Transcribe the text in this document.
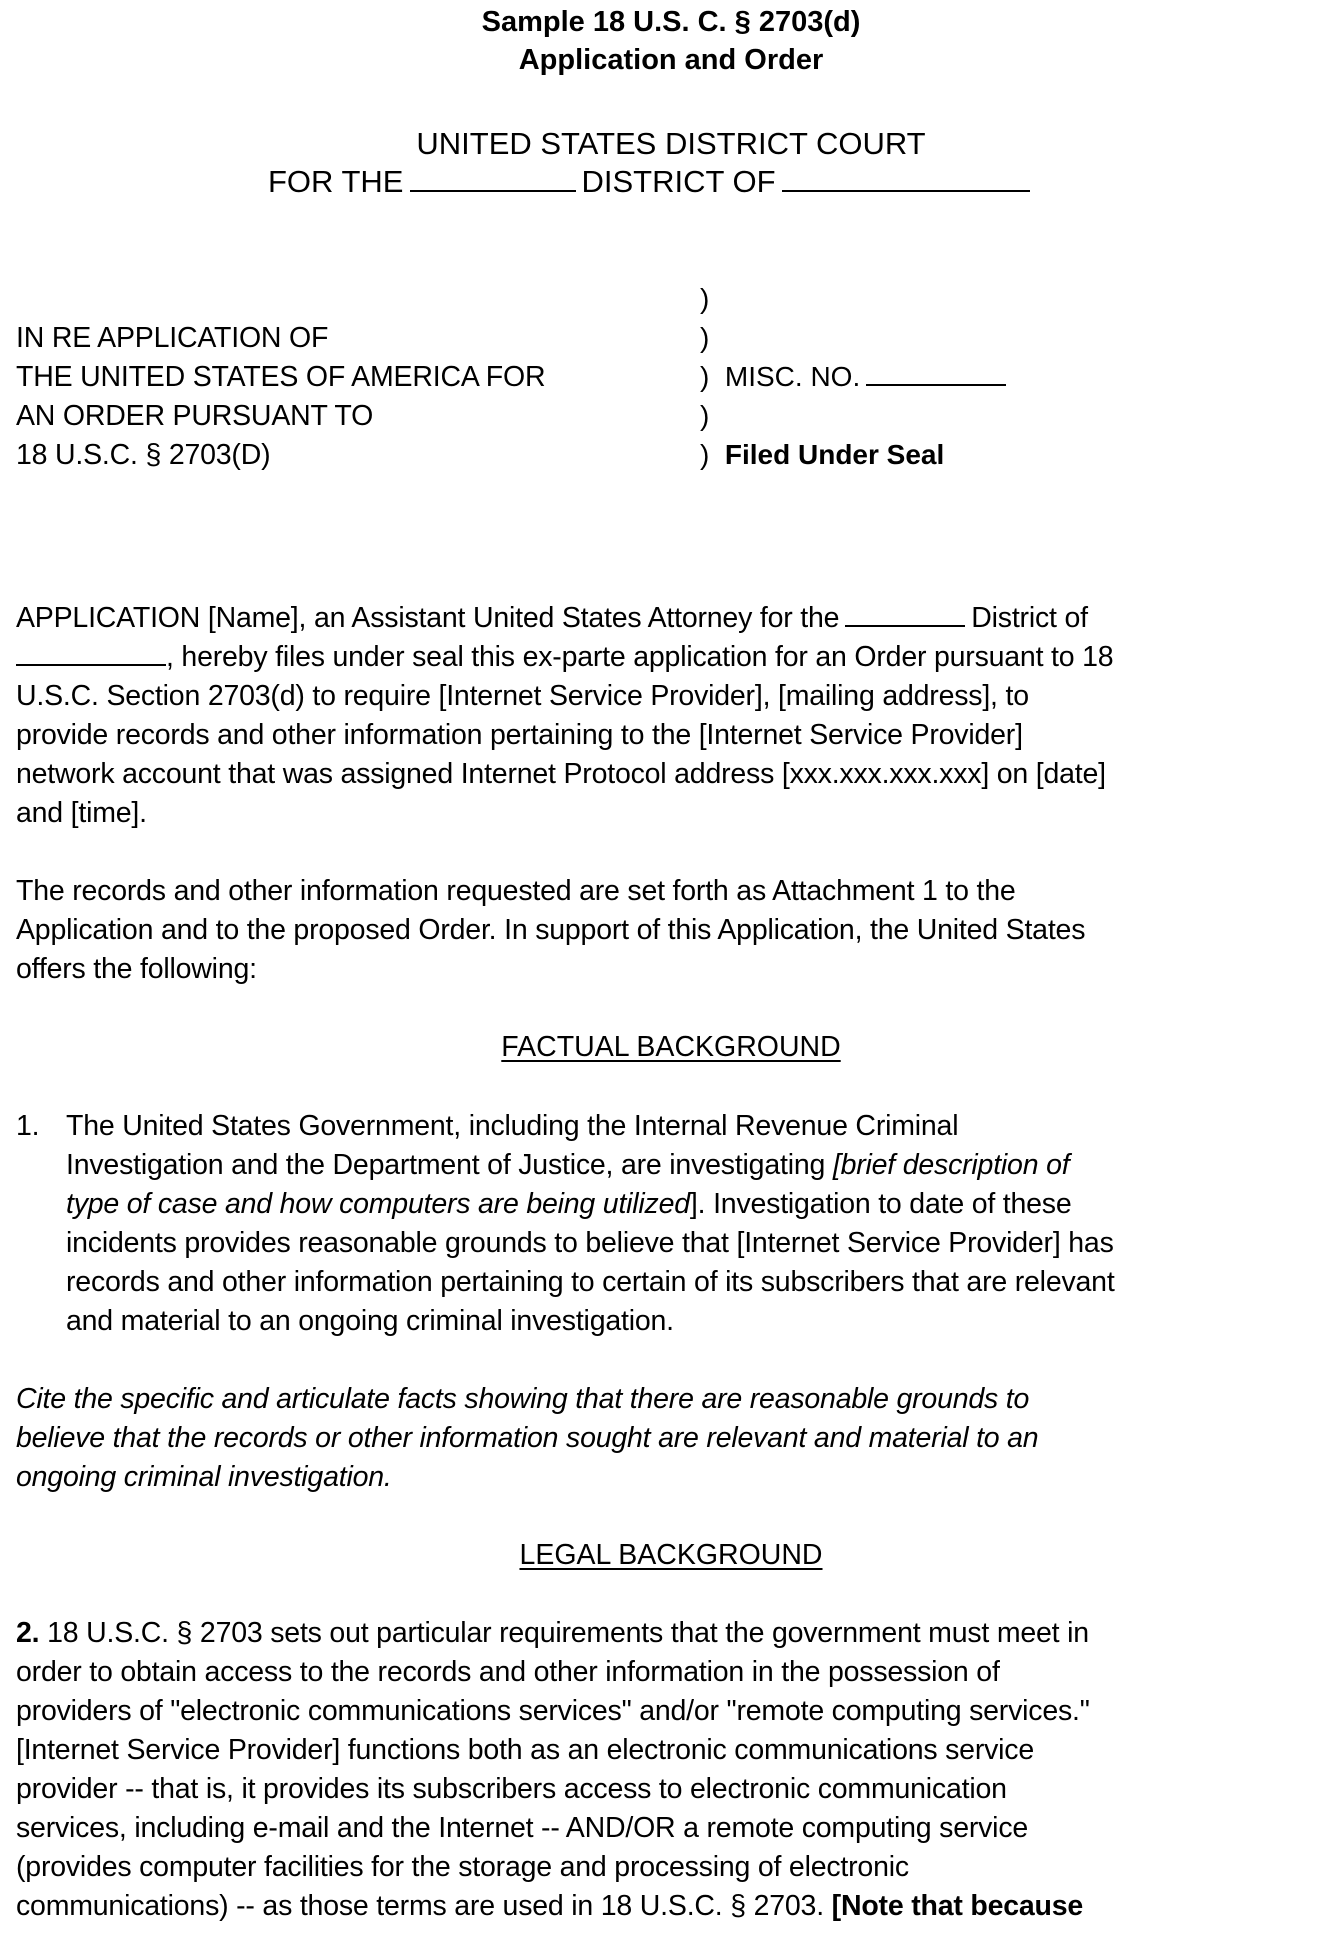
Sample 18 U.S. C. § 2703(d)
Application and Order
UNITED STATES DISTRICT COURT
FOR THE	DISTRICT OF
IN RE APPLICATION OF
THE UNITED STATES OF AMERICA FOR
AN ORDER PURSUANT TO
18 U.S.C. § 2703(D)
)
)
) MISC. NO.
)
) Filed Under Seal
APPLICATION [Name], an Assistant United States Attorney for the	District of
, hereby files under seal this ex-parte application for an Order pursuant to 18
U.S.C. Section 2703(d) to require [Internet Service Provider], [mailing address], to
provide records and other information pertaining to the [Internet Service Provider]
network account that was assigned Internet Protocol address [xxx.xxx.xxx.xxx] on [date]
and [time].
The records and other information requested are set forth as Attachment 1 to the
Application and to the proposed Order. In support of this Application, the United States
offers the following:
FACTUAL BACKGROUND
1. The United States Government, including the Internal Revenue Criminal
Investigation and the Department of Justice, are investigating [brief description of
type of case and how computers are being utilized]. Investigation to date of these
incidents provides reasonable grounds to believe that [Internet Service Provider] has
records and other information pertaining to certain of its subscribers that are relevant
and material to an ongoing criminal investigation.
Cite the specific and articulate facts showing that there are reasonable grounds to
believe that the records or other information sought are relevant and material to an
ongoing criminal investigation.
LEGAL BACKGROUND
2. 18 U.S.C. § 2703 sets out particular requirements that the government must meet in
order to obtain access to the records and other information in the possession of
providers of "electronic communications services" and/or "remote computing services."
[Internet Service Provider] functions both as an electronic communications service
provider -- that is, it provides its subscribers access to electronic communication
services, including e-mail and the Internet -- AND/OR a remote computing service
(provides computer facilities for the storage and processing of electronic
communications) -- as those terms are used in 18 U.S.C. § 2703. [Note that because
